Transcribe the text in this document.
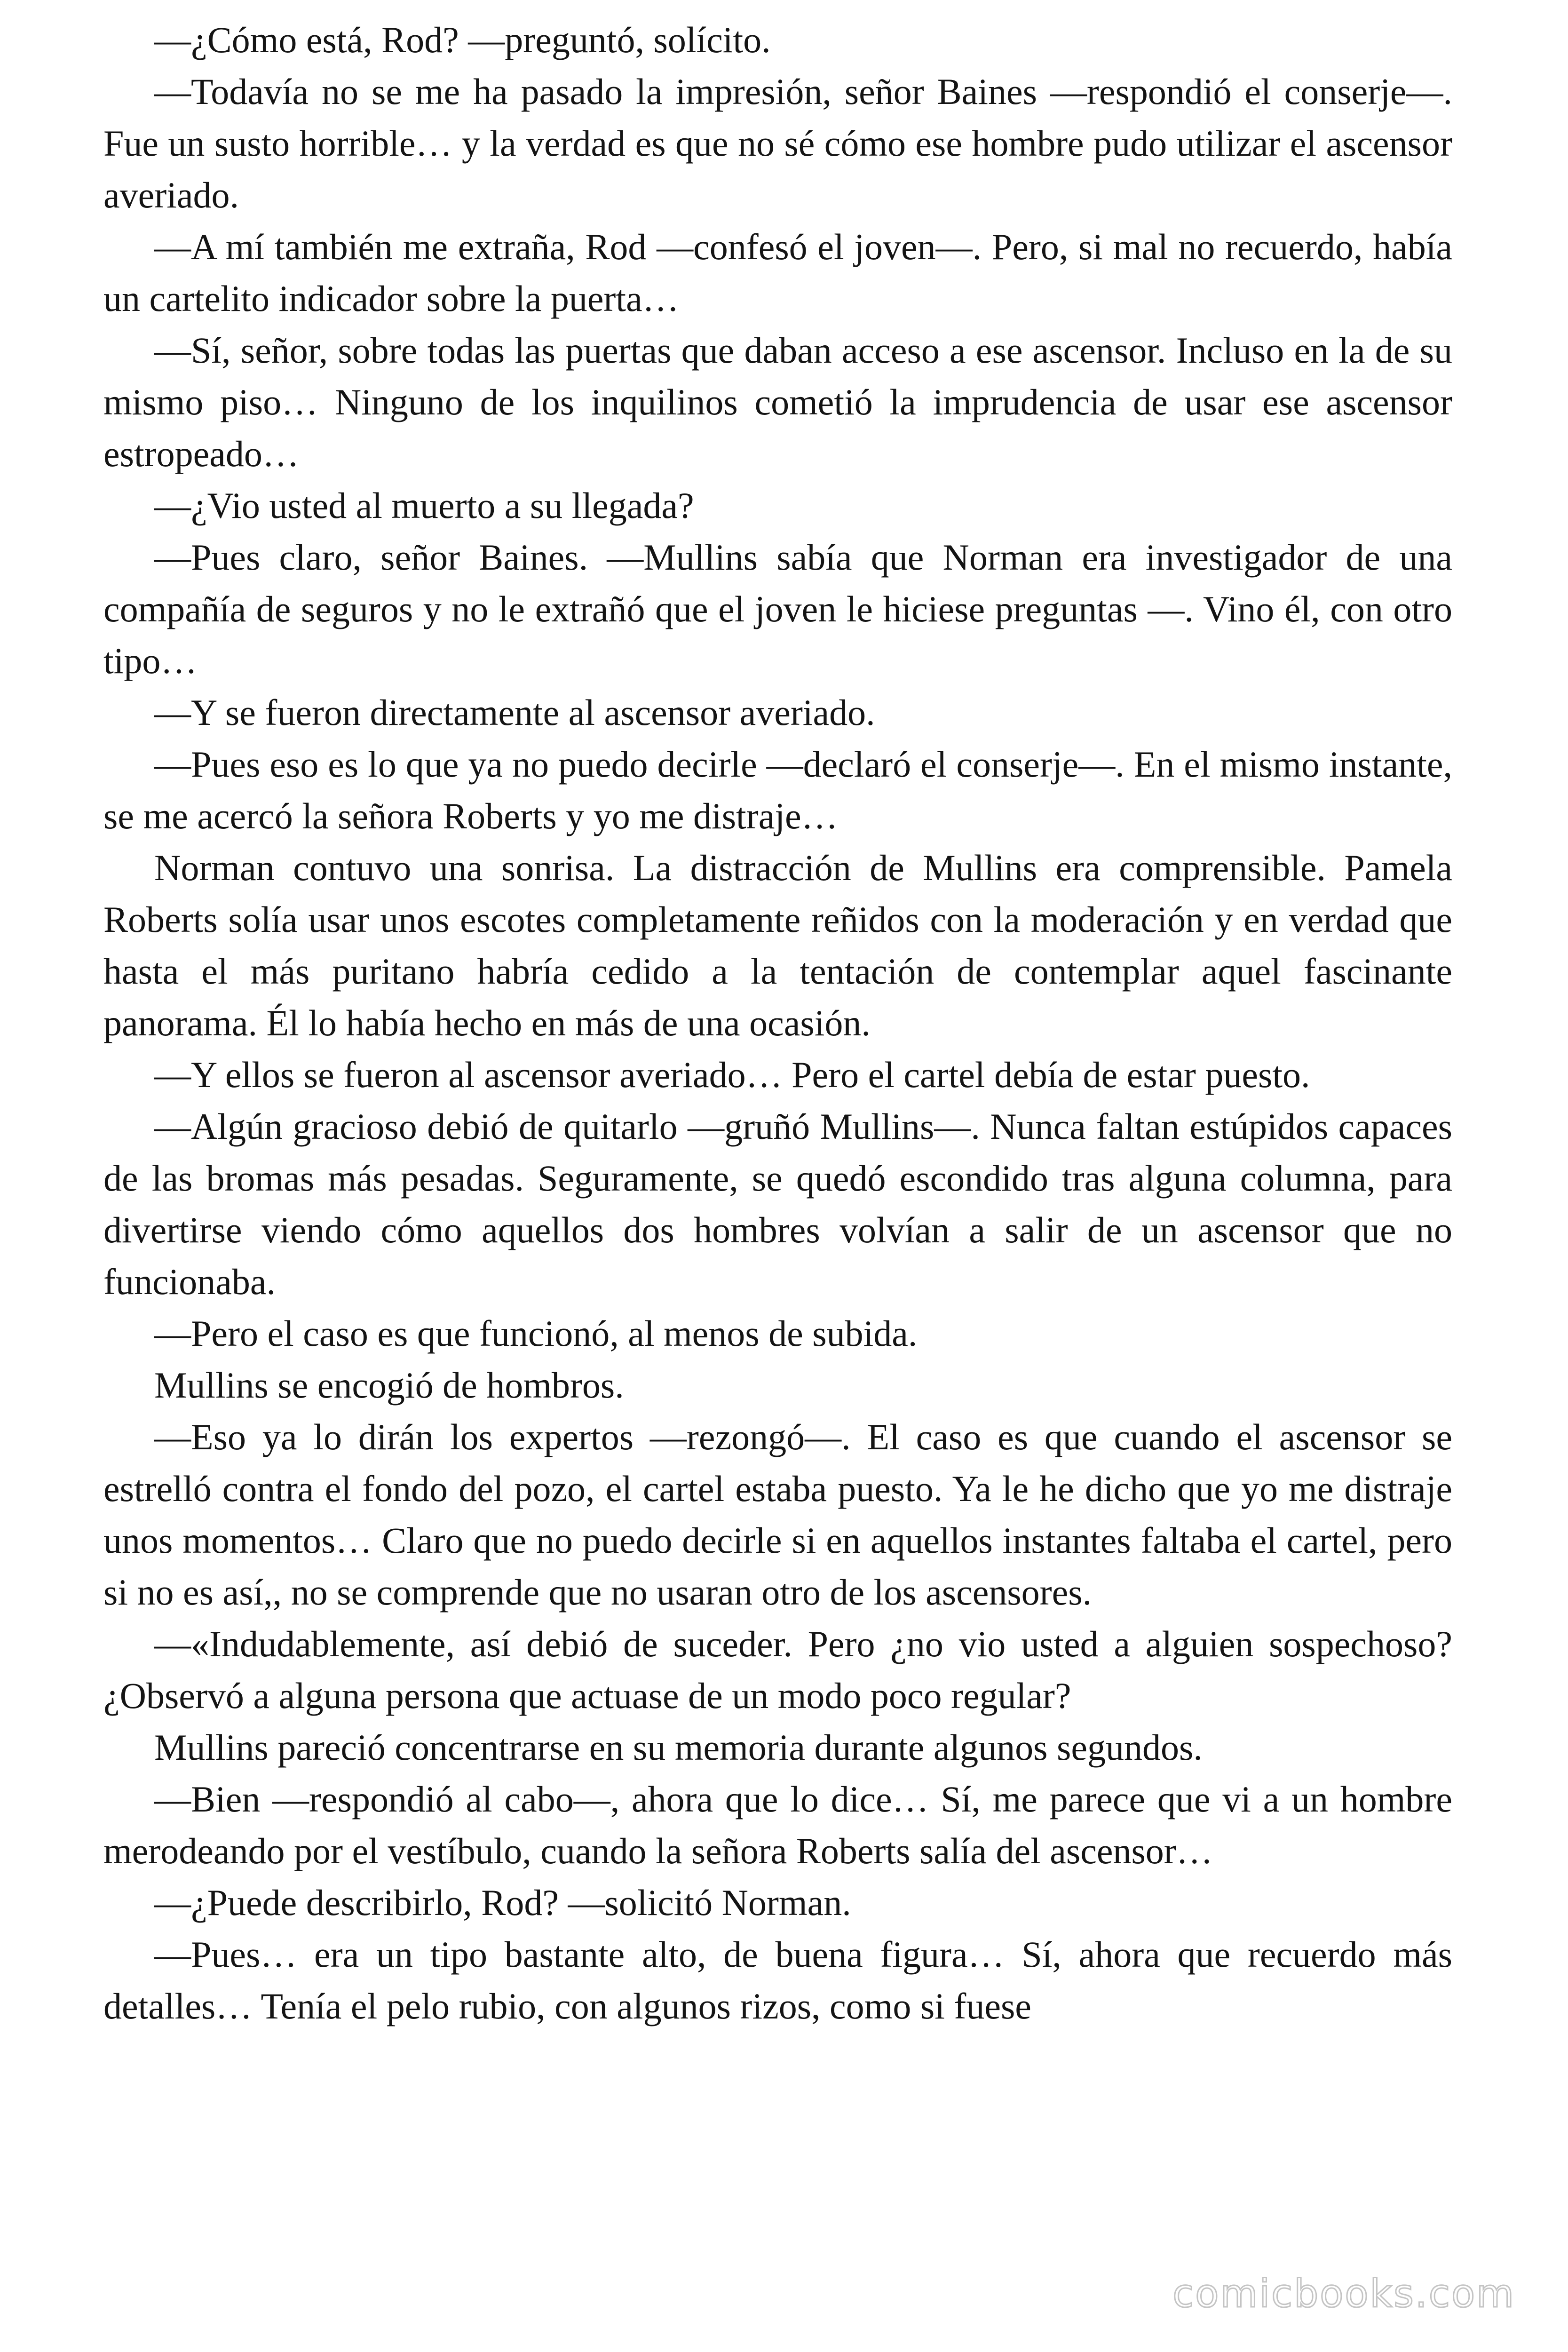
—¿Cómo está, Rod? —preguntó, solícito.

—Todavía no se me ha pasado la impresión, señor Baines —respondió el conserje—. Fue un susto horrible… y la verdad es que no sé cómo ese hombre pudo utilizar el ascensor averiado.

—A mí también me extraña, Rod —confesó el joven—. Pero, si mal no recuerdo, había un cartelito indicador sobre la puerta…

—Sí, señor, sobre todas las puertas que daban acceso a ese ascensor. Incluso en la de su mismo piso… Ninguno de los inquilinos cometió la imprudencia de usar ese ascensor estropeado…

—¿Vio usted al muerto a su llegada?

—Pues claro, señor Baines. —Mullins sabía que Norman era investigador de una compañía de seguros y no le extrañó que el joven le hiciese preguntas —. Vino él, con otro tipo…

—Y se fueron directamente al ascensor averiado.

—Pues eso es lo que ya no puedo decirle —declaró el conserje—. En el mismo instante, se me acercó la señora Roberts y yo me distraje…

Norman contuvo una sonrisa. La distracción de Mullins era comprensible. Pamela Roberts solía usar unos escotes completamente reñidos con la moderación y en verdad que hasta el más puritano habría cedido a la tentación de contemplar aquel fascinante panorama. Él lo había hecho en más de una ocasión.

—Y ellos se fueron al ascensor averiado… Pero el cartel debía de estar puesto.

—Algún gracioso debió de quitarlo —gruñó Mullins—. Nunca faltan estúpidos capaces de las bromas más pesadas. Seguramente, se quedó escondido tras alguna columna, para divertirse viendo cómo aquellos dos hombres volvían a salir de un ascensor que no funcionaba.

—Pero el caso es que funcionó, al menos de subida.

Mullins se encogió de hombros.

—Eso ya lo dirán los expertos —rezongó—. El caso es que cuando el ascensor se estrelló contra el fondo del pozo, el cartel estaba puesto. Ya le he dicho que yo me distraje unos momentos… Claro que no puedo decirle si en aquellos instantes faltaba el cartel, pero si no es así,, no se comprende que no usaran otro de los ascensores.

—«Indudablemente, así debió de suceder. Pero ¿no vio usted a alguien sospechoso? ¿Observó a alguna persona que actuase de un modo poco regular?

Mullins pareció concentrarse en su memoria durante algunos segundos.

—Bien —respondió al cabo—, ahora que lo dice… Sí, me parece que vi a un hombre merodeando por el vestíbulo, cuando la señora Roberts salía del ascensor…

—¿Puede describirlo, Rod? —solicitó Norman.

—Pues… era un tipo bastante alto, de buena figura… Sí, ahora que recuerdo más detalles… Tenía el pelo rubio, con algunos rizos, como si fuese

comicbooks.com
